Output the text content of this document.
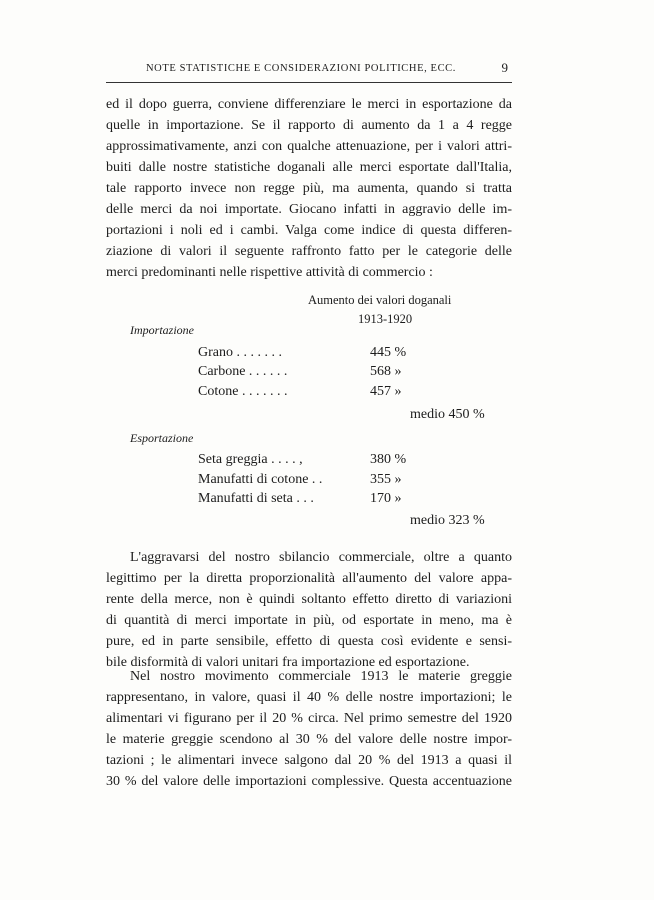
NOTE STATISTICHE E CONSIDERAZIONI POLITICHE, ECC.	9
ed il dopo guerra, conviene differenziare le merci in esportazione da
quelle in importazione. Se il rapporto di aumento da 1 a 4 regge
approssimativamente, anzi con qualche attenuazione, per i valori attri-
buiti dalle nostre statistiche doganali alle merci esportate dall'Italia,
tale rapporto invece non regge più, ma aumenta, quando si tratta
delle merci da noi importate. Giocano infatti in aggravio delle im-
portazioni i noli ed i cambi. Valga come indice di questa differen-
ziazione di valori il seguente raffronto fatto per le categorie delle
merci predominanti nelle rispettive attività di commercio :
Aumento dei valori doganali
1913-1920
Importazione
Grano . . . . . . .	445 %
Carbone . . . . . .	568 »
Cotone . . . . . . .	457 »
medio 450 %
Esportazione
Seta greggia . . . . ,	380 %
Manufatti di cotone . .	355 »
Manufatti di seta . . .	170 »
medio 323 %
L'aggravarsi del nostro sbilancio commerciale, oltre a quanto
legittimo per la diretta proporzionalità all'aumento del valore appa-
rente della merce, non è quindi soltanto effetto diretto di variazioni
di quantità di merci importate in più, od esportate in meno, ma è
pure, ed in parte sensibile, effetto di questa così evidente e sensi-
bile disformità di valori unitari fra importazione ed esportazione.
Nel nostro movimento commerciale 1913 le materie greggie
rappresentano, in valore, quasi il 40 % delle nostre importazioni; le
alimentari vi figurano per il 20 % circa. Nel primo semestre del 1920
le materie greggie scendono al 30 % del valore delle nostre impor-
tazioni ; le alimentari invece salgono dal 20 % del 1913 a quasi il
30 % del valore delle importazioni complessive. Questa accentuazione
